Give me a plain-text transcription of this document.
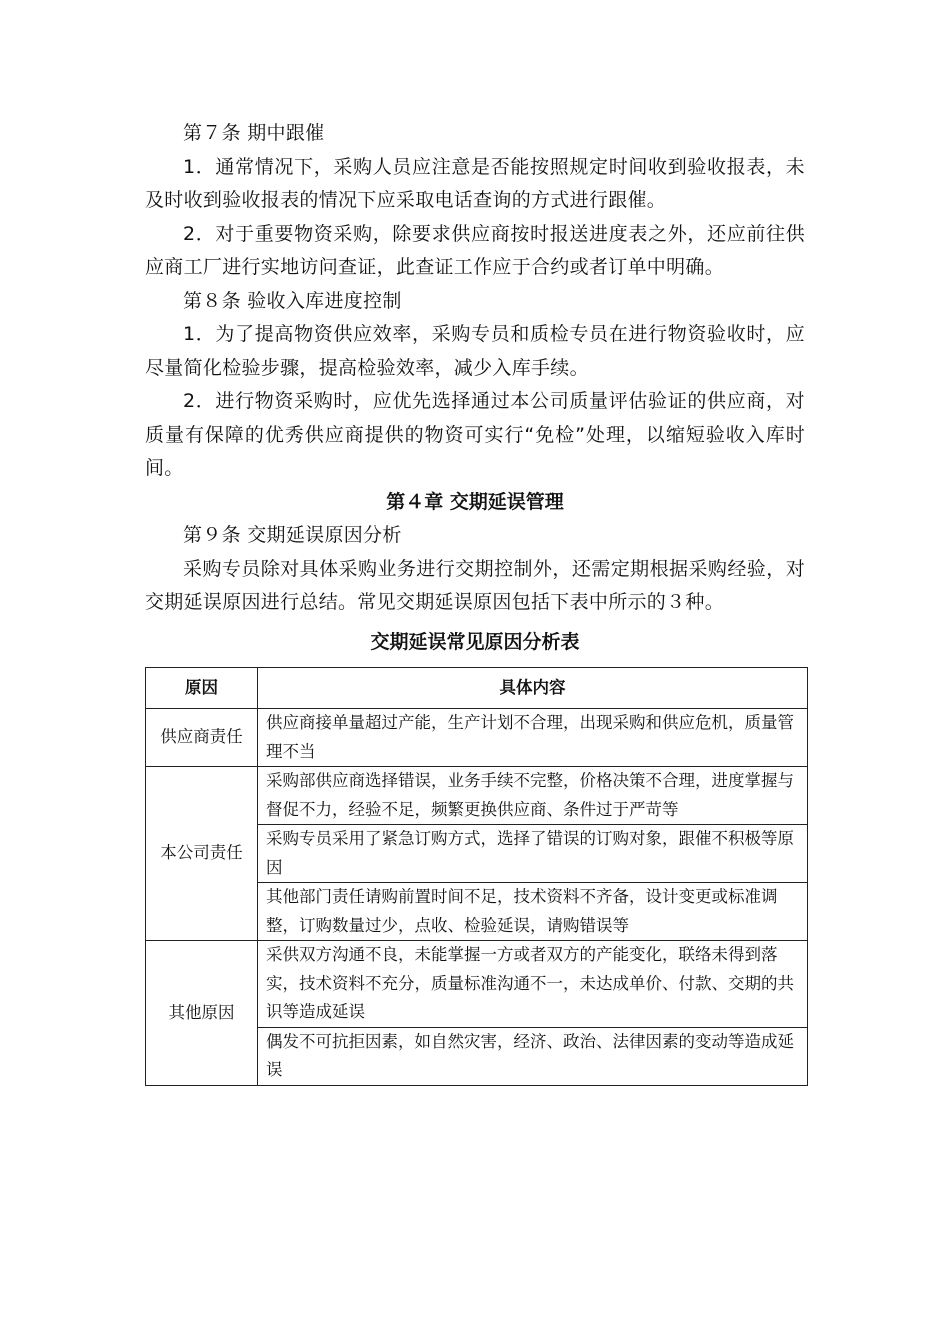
第７条 期中跟催

1．通常情况下，采购人员应注意是否能按照规定时间收到验收报表，未及时收到验收报表的情况下应采取电话查询的方式进行跟催。

2．对于重要物资采购，除要求供应商按时报送进度表之外，还应前往供应商工厂进行实地访问查证，此查证工作应于合约或者订单中明确。

第８条 验收入库进度控制

1．为了提高物资供应效率，采购专员和质检专员在进行物资验收时，应尽量简化检验步骤，提高检验效率，减少入库手续。

2．进行物资采购时，应优先选择通过本公司质量评估验证的供应商，对质量有保障的优秀供应商提供的物资可实行“免检”处理，以缩短验收入库时间。

第４章 交期延误管理

第９条 交期延误原因分析

采购专员除对具体采购业务进行交期控制外，还需定期根据采购经验，对交期延误原因进行总结。常见交期延误原因包括下表中所示的３种。

交期延误常见原因分析表

原因	具体内容
供应商责任	供应商接单量超过产能，生产计划不合理，出现采购和供应危机，质量管理不当
本公司责任	采购部供应商选择错误，业务手续不完整，价格决策不合理，进度掌握与督促不力，经验不足，频繁更换供应商、条件过于严苛等
	采购专员采用了紧急订购方式，选择了错误的订购对象，跟催不积极等原因
	其他部门责任请购前置时间不足，技术资料不齐备，设计变更或标准调整，订购数量过少，点收、检验延误，请购错误等
其他原因	采供双方沟通不良，未能掌握一方或者双方的产能变化，联络未得到落实，技术资料不充分，质量标准沟通不一，未达成单价、付款、交期的共识等造成延误
	偶发不可抗拒因素，如自然灾害，经济、政治、法律因素的变动等造成延误
